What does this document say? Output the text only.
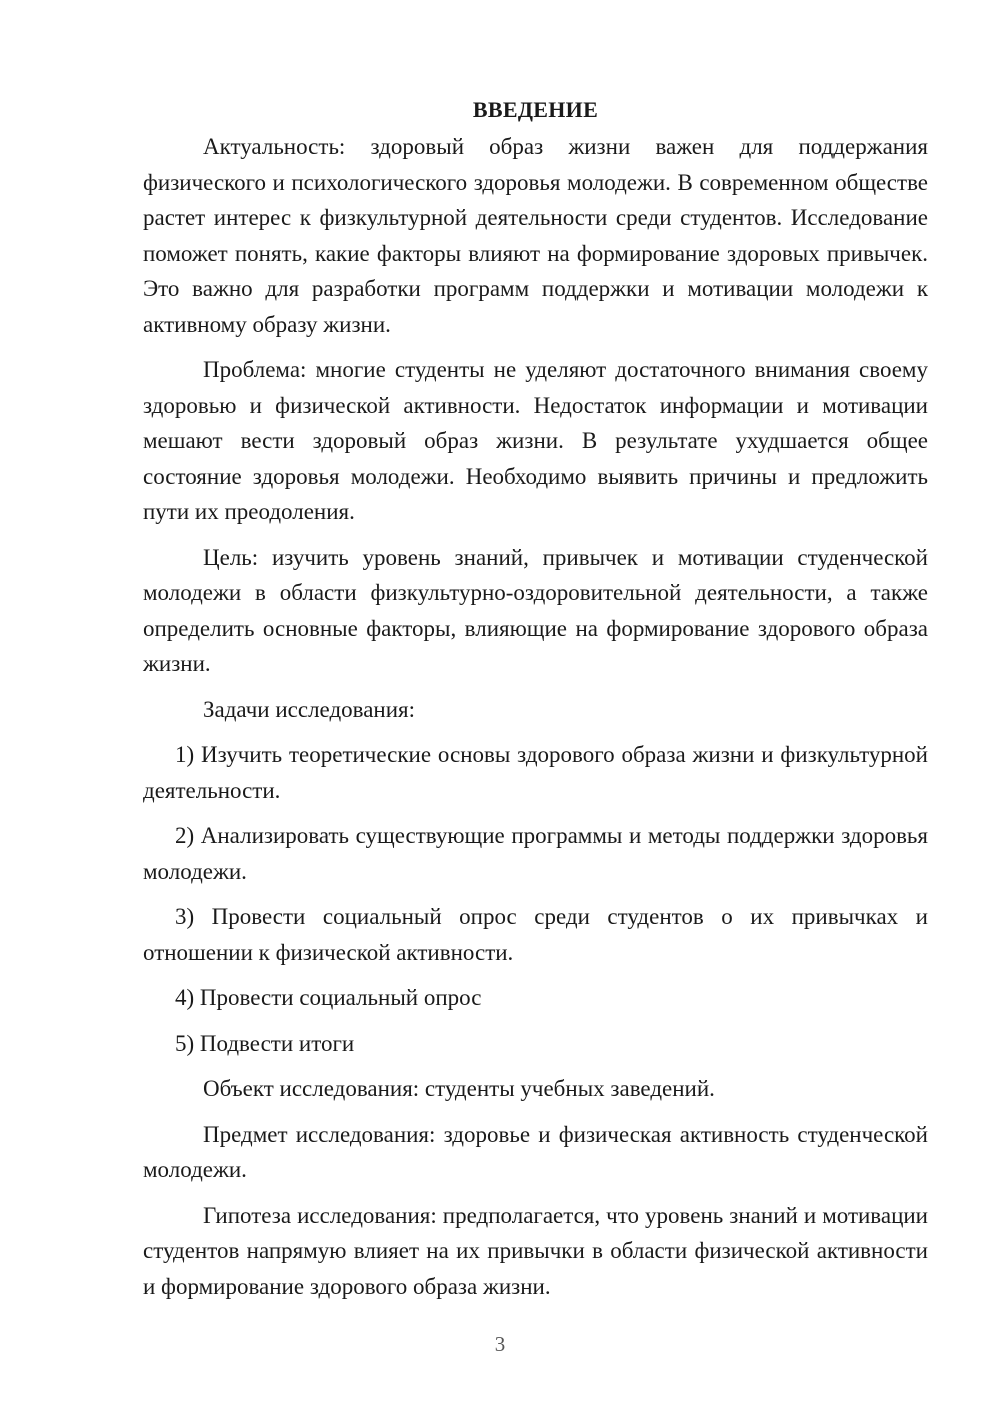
ВВЕДЕНИЕ

Актуальность: здоровый образ жизни важен для поддержания физического и психологического здоровья молодежи. В современном обществе растет интерес к физкультурной деятельности среди студентов. Исследование поможет понять, какие факторы влияют на формирование здоровых привычек. Это важно для разработки программ поддержки и мотивации молодежи к активному образу жизни.

Проблема: многие студенты не уделяют достаточного внимания своему здоровью и физической активности. Недостаток информации и мотивации мешают вести здоровый образ жизни. В результате ухудшается общее состояние здоровья молодежи. Необходимо выявить причины и предложить пути их преодоления.

Цель: изучить уровень знаний, привычек и мотивации студенческой молодежи в области физкультурно-оздоровительной деятельности, а также определить основные факторы, влияющие на формирование здорового образа жизни.

Задачи исследования:

1) Изучить теоретические основы здорового образа жизни и физкультурной деятельности.

2) Анализировать существующие программы и методы поддержки здоровья молодежи.

3) Провести социальный опрос среди студентов о их привычках и отношении к физической активности.

4) Провести социальный опрос

5) Подвести итоги

Объект исследования: студенты учебных заведений.

Предмет исследования: здоровье и физическая активность студенческой молодежи.

Гипотеза исследования: предполагается, что уровень знаний и мотивации студентов напрямую влияет на их привычки в области физической активности и формирование здорового образа жизни.

3
